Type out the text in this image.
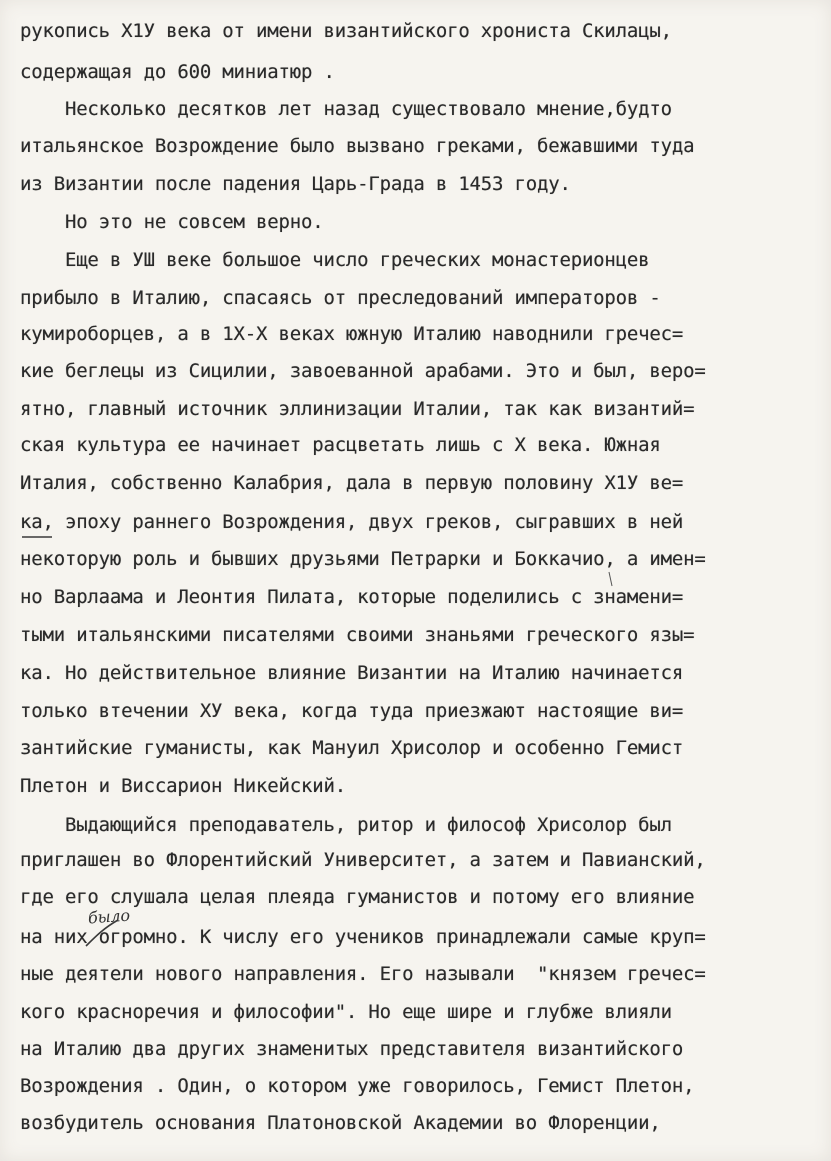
рукопись Х1У века от имени византийского хрониста Скилацы,
содержащая до 600 миниатюр .
Несколько десятков лет назад существовало мнение,будто
итальянское Возрождение было вызвано греками, бежавшими туда
из Византии после падения Царь-Града в 1453 году.
Но это не совсем верно.
Еще в УШ веке большое число греческих монастерионцев
прибыло в Италию, спасаясь от преследований императоров -
кумироборцев, а в 1Х-Х веках южную Италию наводнили гречес=
кие беглецы из Сицилии, завоеванной арабами. Это и был, веро=
ятно, главный источник эллинизации Италии, так как византий=
ская культура ее начинает расцветать лишь с Х века. Южная
Италия, собственно Калабрия, дала в первую половину Х1У ве=
ка, эпоху раннего Возрождения, двух греков, сыгравших в ней
некоторую роль и бывших друзьями Петрарки и Боккачио, а имен=
но Варлаама и Леонтия Пилата, которые поделились с знамени=
тыми итальянскими писателями своими знаньями греческого язы=
ка. Но действительное влияние Византии на Италию начинается
только втечении ХУ века, когда туда приезжают настоящие ви=
зантийские гуманисты, как Мануил Хрисолор и особенно Гемист
Плетон и Виссарион Никейский.
Выдающийся преподаватель, ритор и философ Хрисолор был
приглашен во Флорентийский Университет, а затем и Павианский,
где его слушала целая плеяда гуманистов и потому его влияние
на них огромно. К числу его учеников принадлежали самые круп=
ные деятели нового направления. Его называли  "князем гречес=
кого красноречия и философии". Но еще шире и глубже влияли
на Италию два других знаменитых представителя византийского
Возрождения . Один, о котором уже говорилось, Гемист Плетон,
возбудитель основания Платоновской Академии во Флоренции,
было
